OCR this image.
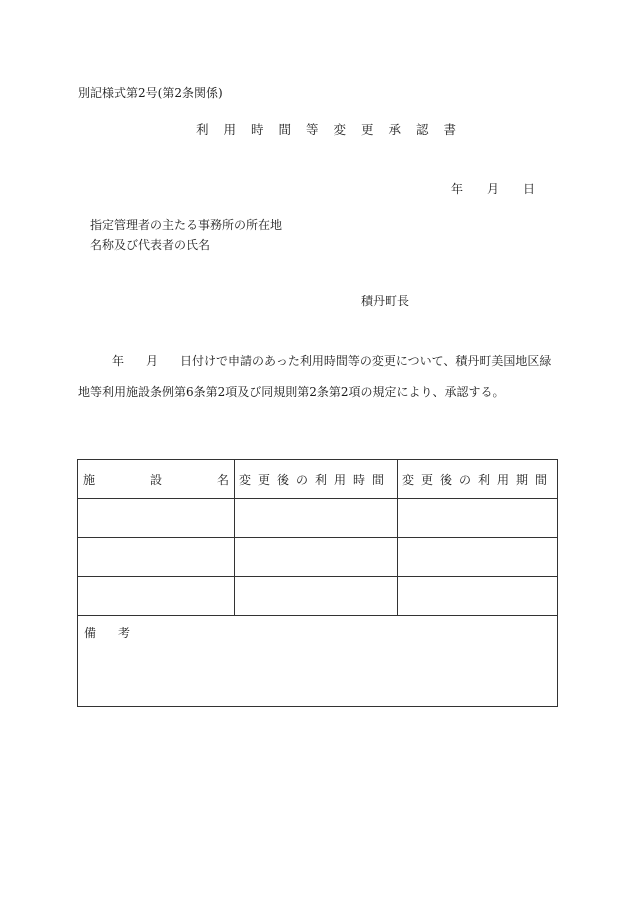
別記様式第2号(第2条関係)
利用時間等変更承認書
年 月 日
指定管理者の主たる事務所の所在地
名称及び代表者の氏名
積丹町長
年 月 日付けで申請のあった利用時間等の変更について、積丹町美国地区緑
地等利用施設条例第6条第2項及び同規則第2条第2項の規定により、承認する。
施設名	変更後の利用時間	変更後の利用期間

備考		
